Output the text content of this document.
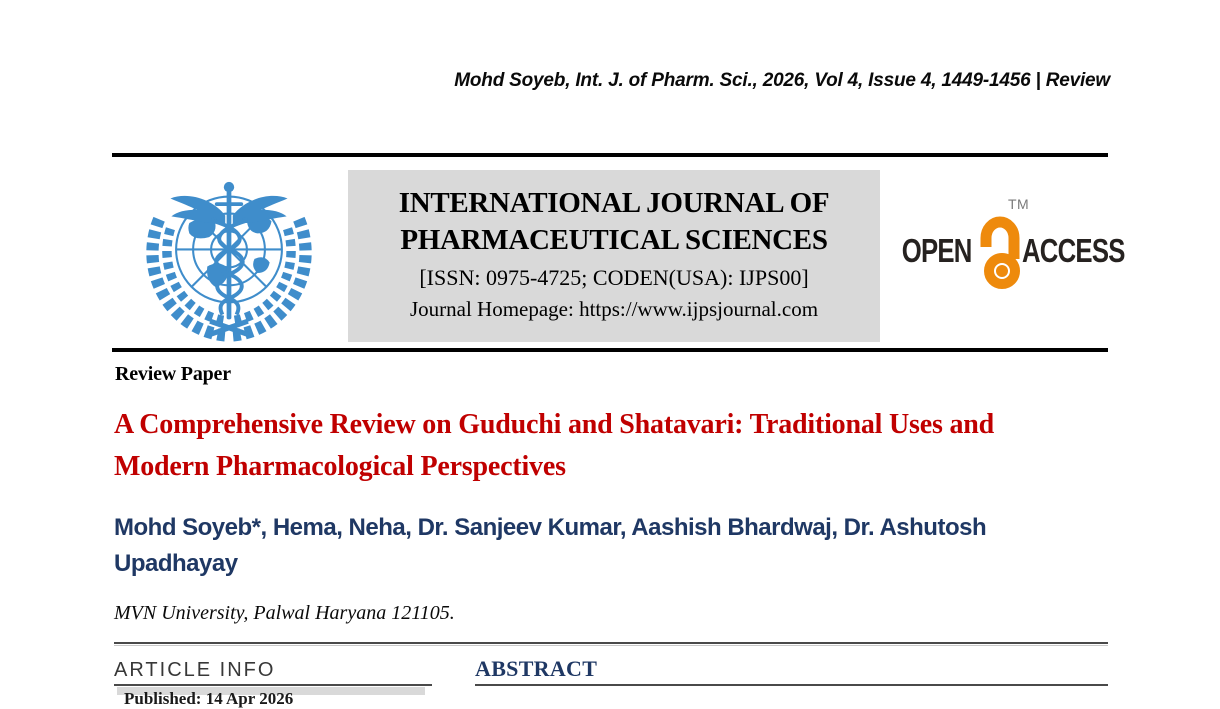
Mohd Soyeb, Int. J. of Pharm. Sci., 2026, Vol 4, Issue 4, 1449-1456 | Review
INTERNATIONAL JOURNAL OF
PHARMACEUTICAL SCIENCES
[ISSN: 0975-4725; CODEN(USA): IJPS00]
Journal Homepage: https://www.ijpsjournal.com
OPEN ACCESS
TM
Review Paper
A Comprehensive Review on Guduchi and Shatavari: Traditional Uses and Modern Pharmacological Perspectives
Mohd Soyeb*, Hema, Neha, Dr. Sanjeev Kumar, Aashish Bhardwaj, Dr. Ashutosh Upadhayay
MVN University, Palwal Haryana 121105.
ARTICLE INFO	ABSTRACT
Published: 14 Apr 2026
